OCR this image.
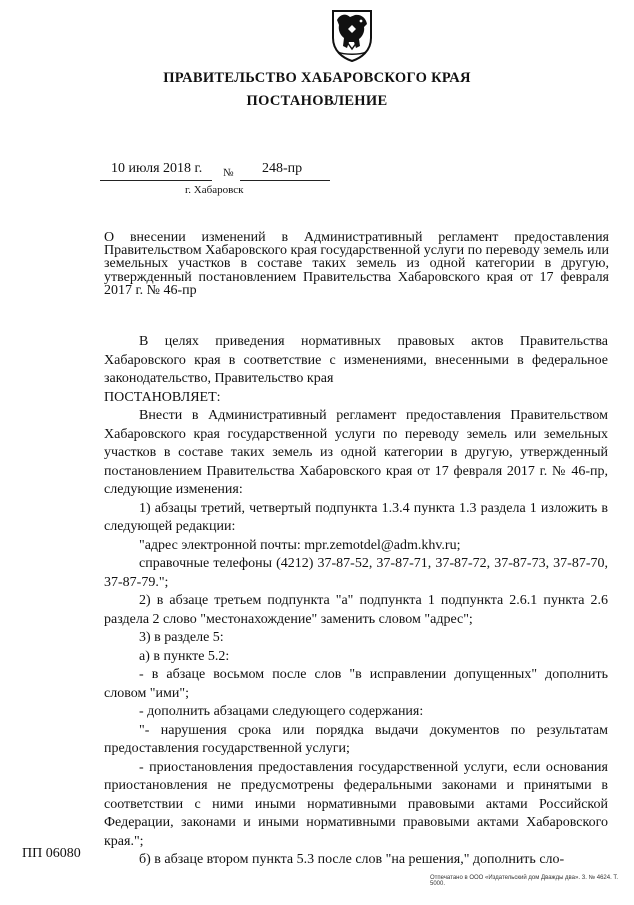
ПРАВИТЕЛЬСТВО ХАБАРОВСКОГО КРАЯ
ПОСТАНОВЛЕНИЕ
10 июля 2018 г. № 248-пр
г. Хабаровск
О внесении изменений в Административный регламент предоставления Правительством Хабаровского края государственной услуги по переводу земель или земельных участков в составе таких земель из одной категории в другую, утвержденный постановлением Правительства Хабаровского края от 17 февраля 2017 г. № 46-пр

В целях приведения нормативных правовых актов Правительства Хабаровского края в соответствие с изменениями, внесенными в федеральное законодательство, Правительство края

ПОСТАНОВЛЯЕТ:

Внести в Административный регламент предоставления Правительством Хабаровского края государственной услуги по переводу земель или земельных участков в составе таких земель из одной категории в другую, утвержденный постановлением Правительства Хабаровского края от 17 февраля 2017 г. № 46-пр, следующие изменения:

1) абзацы третий, четвертый подпункта 1.3.4 пункта 1.3 раздела 1 изложить в следующей редакции:

"адрес электронной почты: mpr.zemotdel@adm.khv.ru;

справочные телефоны (4212) 37-87-52, 37-87-71, 37-87-72, 37-87-73, 37-87-70, 37-87-79.";

2) в абзаце третьем подпункта "а" подпункта 1 подпункта 2.6.1 пункта 2.6 раздела 2 слово "местонахождение" заменить словом "адрес";

3) в разделе 5:

а) в пункте 5.2:

- в абзаце восьмом после слов "в исправлении допущенных" дополнить словом "ими";

- дополнить абзацами следующего содержания:

"- нарушения срока или порядка выдачи документов по результатам предоставления государственной услуги;

- приостановления предоставления государственной услуги, если основания приостановления не предусмотрены федеральными законами и принятыми в соответствии с ними иными нормативными правовыми актами Российской Федерации, законами и иными нормативными правовыми актами Хабаровского края.";

б) в абзаце втором пункта 5.3 после слов "на решения," дополнить сло-

ПП 06080
Отпечатано в ООО «Издательский дом Дважды два». З. № 4624. Т. 5000.
